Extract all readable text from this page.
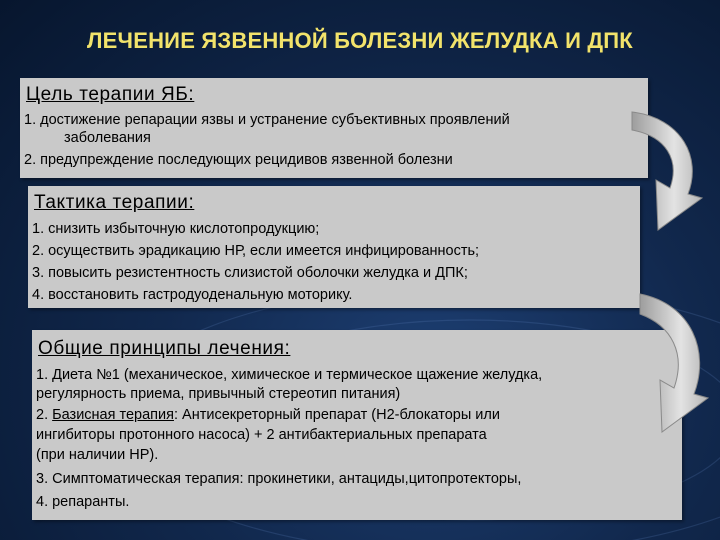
ЛЕЧЕНИЕ ЯЗВЕННОЙ БОЛЕЗНИ ЖЕЛУДКА И ДПК
Цель терапии ЯБ:
1. достижение репарации язвы и устранение субъективных проявлений
заболевания
2. предупреждение последующих рецидивов язвенной болезни
Тактика терапии:
1. снизить избыточную кислотопродукцию;
2. осуществить эрадикацию НР, если имеется инфицированность;
3. повысить резистентность слизистой оболочки желудка и ДПК;
4. восстановить гастродуоденальную моторику.
Общие принципы лечения:
1. Диета №1 (механическое, химическое и термическое щажение желудка,
регулярность приема, привычный стереотип питания)
2. Базисная терапия: Антисекреторный препарат (Н2-блокаторы или
ингибиторы протонного насоса) + 2 антибактериальных препарата
(при наличии НР).
3. Симптоматическая терапия: прокинетики, антациды,цитопротекторы,
4. репаранты.
